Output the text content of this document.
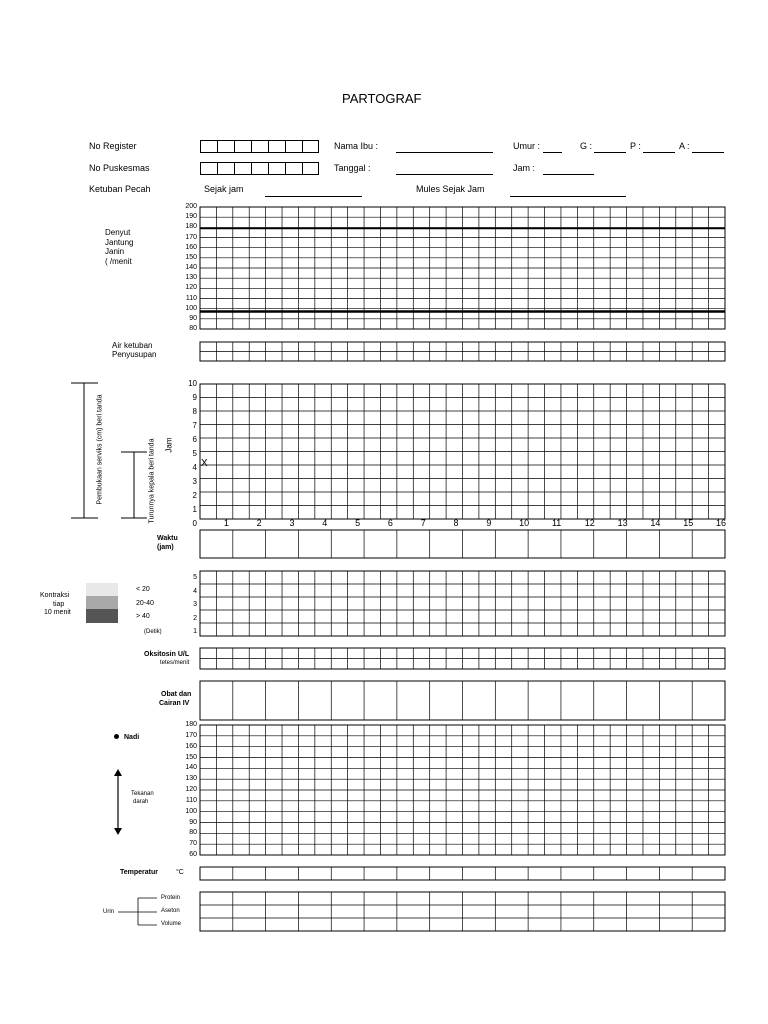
PARTOGRAF
No Register
No Puskesmas
Ketuban Pecah	Sejak jam	Mules Sejak Jam
Nama Ibu :
Tanggal :
Umur :	G :	P :	A :
Jam :
Denyut
Jantung
Janin
( /menit
200
190
180
170
160
150
140
130
120
110
100
90
80
Air ketuban
Penyusupan
Pembukaan serviks (cm) beri tanda	Turunnya kepala beri tanda Jam
10
9
8
7
6
5
4
3
2
1
0	1	2	3	4	5	6	7	8	9	10	11	12	13	14	15	16
X
Waktu
(jam)
Kontraksi
tiap
10 menit
< 20
20-40
> 40
(Detik)
5
4
3
2
1
Oksitosin U/L
tetes/menit
Obat dan
Cairan IV
Nadi
Tekanan
darah
180
170
160
150
140
130
120
110
100
90
80
70
60
Temperatur	°C
Urin
Protein
Aseton
Volume
